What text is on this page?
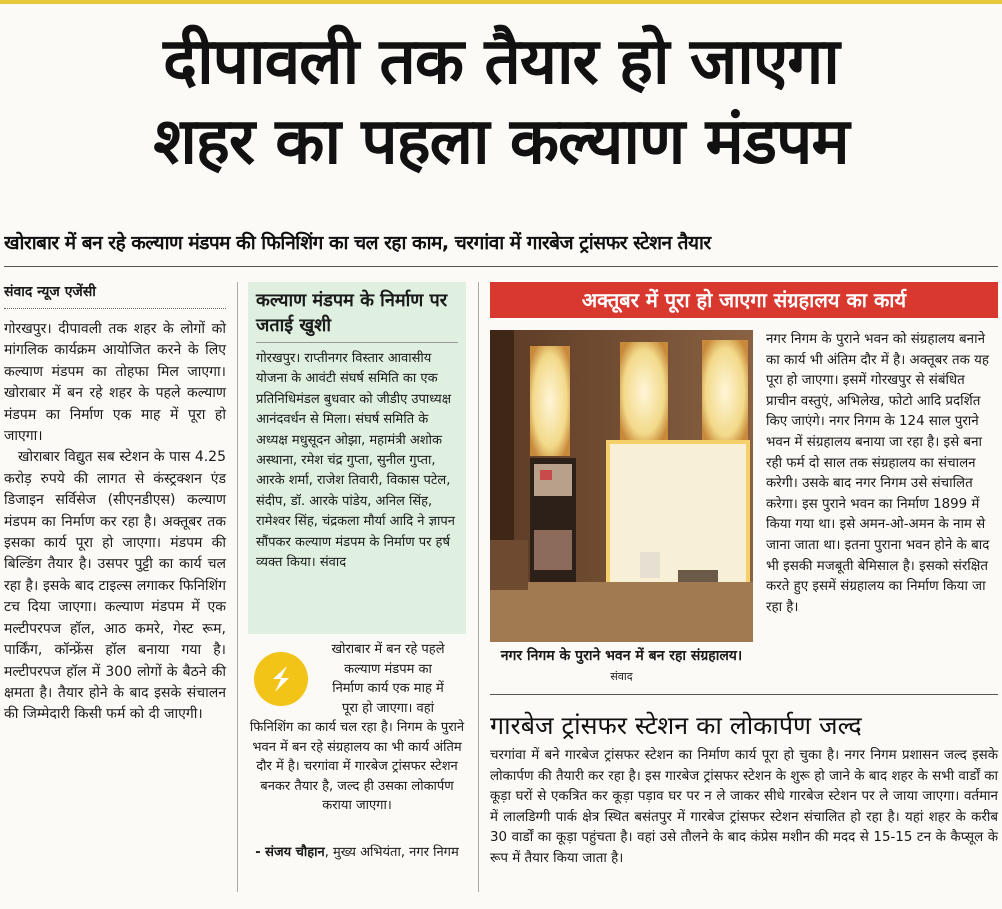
दीपावली तक तैयार हो जाएगा
शहर का पहला कल्याण मंडपम
खोराबार में बन रहे कल्याण मंडपम की फिनिशिंग का चल रहा काम, चरगांवा में गारबेज ट्रांसफर स्टेशन तैयार
संवाद न्यूज एजेंसी
गोरखपुर। दीपावली तक शहर के लोगों को मांगलिक कार्यक्रम आयोजित करने के लिए कल्याण मंडपम का तोहफा मिल जाएगा। खोराबार में बन रहे शहर के पहले कल्याण मंडपम का निर्माण एक माह में पूरा हो जाएगा।
खोराबार विद्युत सब स्टेशन के पास 4.25 करोड़ रुपये की लागत से कंस्ट्रक्शन एंड डिजाइन सर्विसेज (सीएनडीएस) कल्याण मंडपम का निर्माण कर रहा है। अक्तूबर तक इसका कार्य पूरा हो जाएगा। मंडपम की बिल्डिंग तैयार है। उसपर पुट्टी का कार्य चल रहा है। इसके बाद टाइल्स लगाकर फिनिशिंग टच दिया जाएगा। कल्याण मंडपम में एक मल्टीपरपज हॉल, आठ कमरे, गेस्ट रूम, पार्किंग, कॉन्फ्रेंस हॉल बनाया गया है। मल्टीपरपज हॉल में 300 लोगों के बैठने की क्षमता है। तैयार होने के बाद इसके संचालन की जिम्मेदारी किसी फर्म को दी जाएगी।
कल्याण मंडपम के निर्माण पर जताई खुशी
गोरखपुर। राप्तीनगर विस्तार आवासीय योजना के आवंटी संघर्ष समिति का एक प्रतिनिधिमंडल बुधवार को जीडीए उपाध्यक्ष आनंदवर्धन से मिला। संघर्ष समिति के अध्यक्ष मधुसूदन ओझा, महामंत्री अशोक अस्थाना, रमेश चंद्र गुप्ता, सुनील गुप्ता, आरके शर्मा, राजेश तिवारी, विकास पटेल, संदीप, डॉ. आरके पांडेय, अनिल सिंह, रामेश्वर सिंह, चंद्रकला मौर्या आदि ने ज्ञापन सौंपकर कल्याण मंडपम के निर्माण पर हर्ष व्यक्त किया। संवाद
खोराबार में बन रहे पहले
कल्याण मंडपम का
निर्माण कार्य एक माह में
पूरा हो जाएगा। वहां
फिनिशिंग का कार्य चल रहा है। निगम के पुराने भवन में बन रहे संग्रहालय का भी कार्य अंतिम दौर में है। चरगांवा में गारबेज ट्रांसफर स्टेशन बनकर तैयार है, जल्द ही उसका लोकार्पण कराया जाएगा।
- संजय चौहान, मुख्य अभियंता, नगर निगम
अक्तूबर में पूरा हो जाएगा संग्रहालय का कार्य
नगर निगम के पुराने भवन में बन रहा संग्रहालय। संवाद
नगर निगम के पुराने भवन को संग्रहालय बनाने का कार्य भी अंतिम दौर में है। अक्तूबर तक यह पूरा हो जाएगा। इसमें गोरखपुर से संबंधित प्राचीन वस्तुएं, अभिलेख, फोटो आदि प्रदर्शित किए जाएंगे। नगर निगम के 124 साल पुराने भवन में संग्रहालय बनाया जा रहा है। इसे बना रही फर्म दो साल तक संग्रहालय का संचालन करेगी। उसके बाद नगर निगम उसे संचालित करेगा। इस पुराने भवन का निर्माण 1899 में किया गया था। इसे अमन-ओ-अमन के नाम से जाना जाता था। इतना पुराना भवन होने के बाद भी इसकी मजबूती बेमिसाल है। इसको संरक्षित करते हुए इसमें संग्रहालय का निर्माण किया जा रहा है।
गारबेज ट्रांसफर स्टेशन का लोकार्पण जल्द
चरगांवा में बने गारबेज ट्रांसफर स्टेशन का निर्माण कार्य पूरा हो चुका है। नगर निगम प्रशासन जल्द इसके लोकार्पण की तैयारी कर रहा है। इस गारबेज ट्रांसफर स्टेशन के शुरू हो जाने के बाद शहर के सभी वार्डों का कूड़ा घरों से एकत्रित कर कूड़ा पड़ाव घर पर न ले जाकर सीधे गारबेज स्टेशन पर ले जाया जाएगा। वर्तमान में लालडिग्गी पार्क क्षेत्र स्थित बसंतपुर में गारबेज ट्रांसफर स्टेशन संचालित हो रहा है। यहां शहर के करीब 30 वार्डों का कूड़ा पहुंचता है। वहां उसे तौलने के बाद कंप्रेस मशीन की मदद से 15-15 टन के कैप्सूल के रूप में तैयार किया जाता है।
